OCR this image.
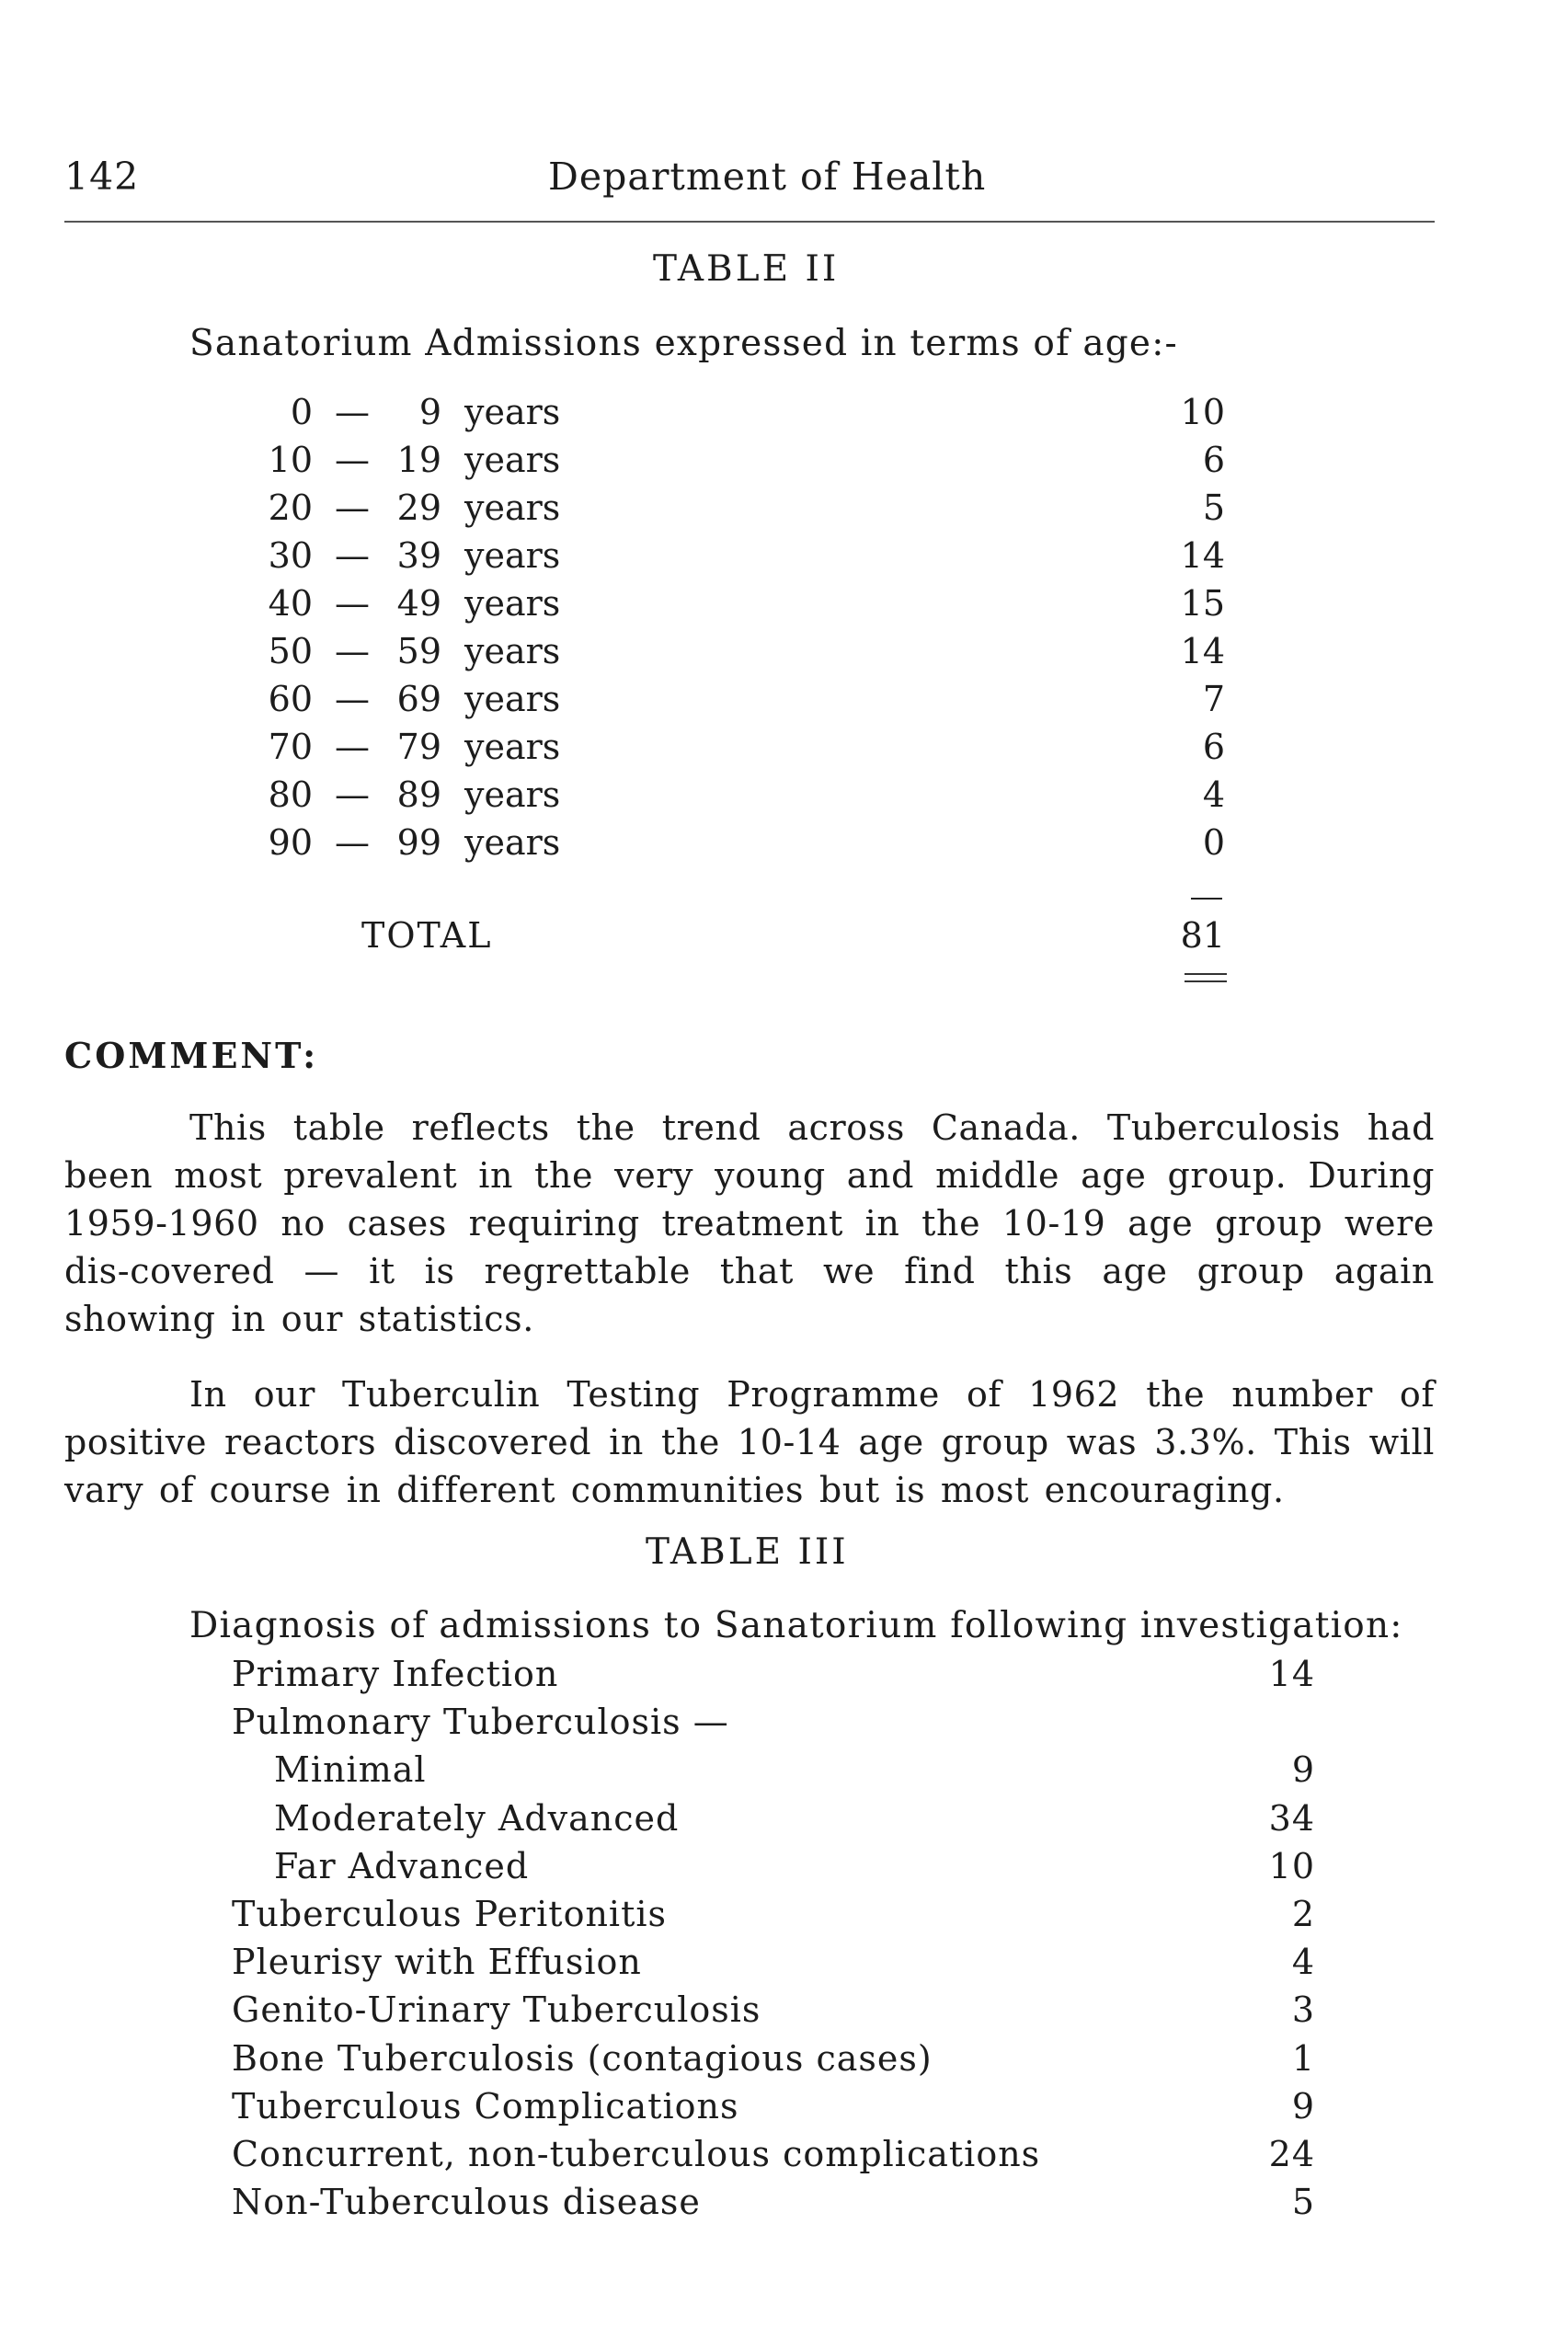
142	Department of Health
TABLE II
Sanatorium Admissions expressed in terms of age:-
0 —	9 years	10
10 — 19 years	6
20 — 29 years	5
30 — 39 years	14
40 — 49 years	15
50 — 59 years	14
60 — 69 years	7
70 — 79 years	6
80 — 89 years	4
90 — 99 years	0
TOTAL	81
COMMENT:

This table reflects the trend across Canada. Tuberculosis had been most prevalent in the very young and middle age group. During 1959-1960 no cases requiring treatment in the 10-19 age group were dis-covered — it is regrettable that we find this age group again showing in our statistics.

In our Tuberculin Testing Programme of 1962 the number of positive reactors discovered in the 10-14 age group was 3.3%. This will vary of course in different communities but is most encouraging.

TABLE III
Diagnosis of admissions to Sanatorium following investigation:
Primary Infection	14
Pulmonary Tuberculosis —
Minimal	9
Moderately Advanced	34
Far Advanced	10
Tuberculous Peritonitis	2
Pleurisy with Effusion	4
Genito-Urinary Tuberculosis	3
Bone Tuberculosis (contagious cases)	1
Tuberculous Complications	9
Concurrent, non-tuberculous complications	24
Non-Tuberculous disease	5
